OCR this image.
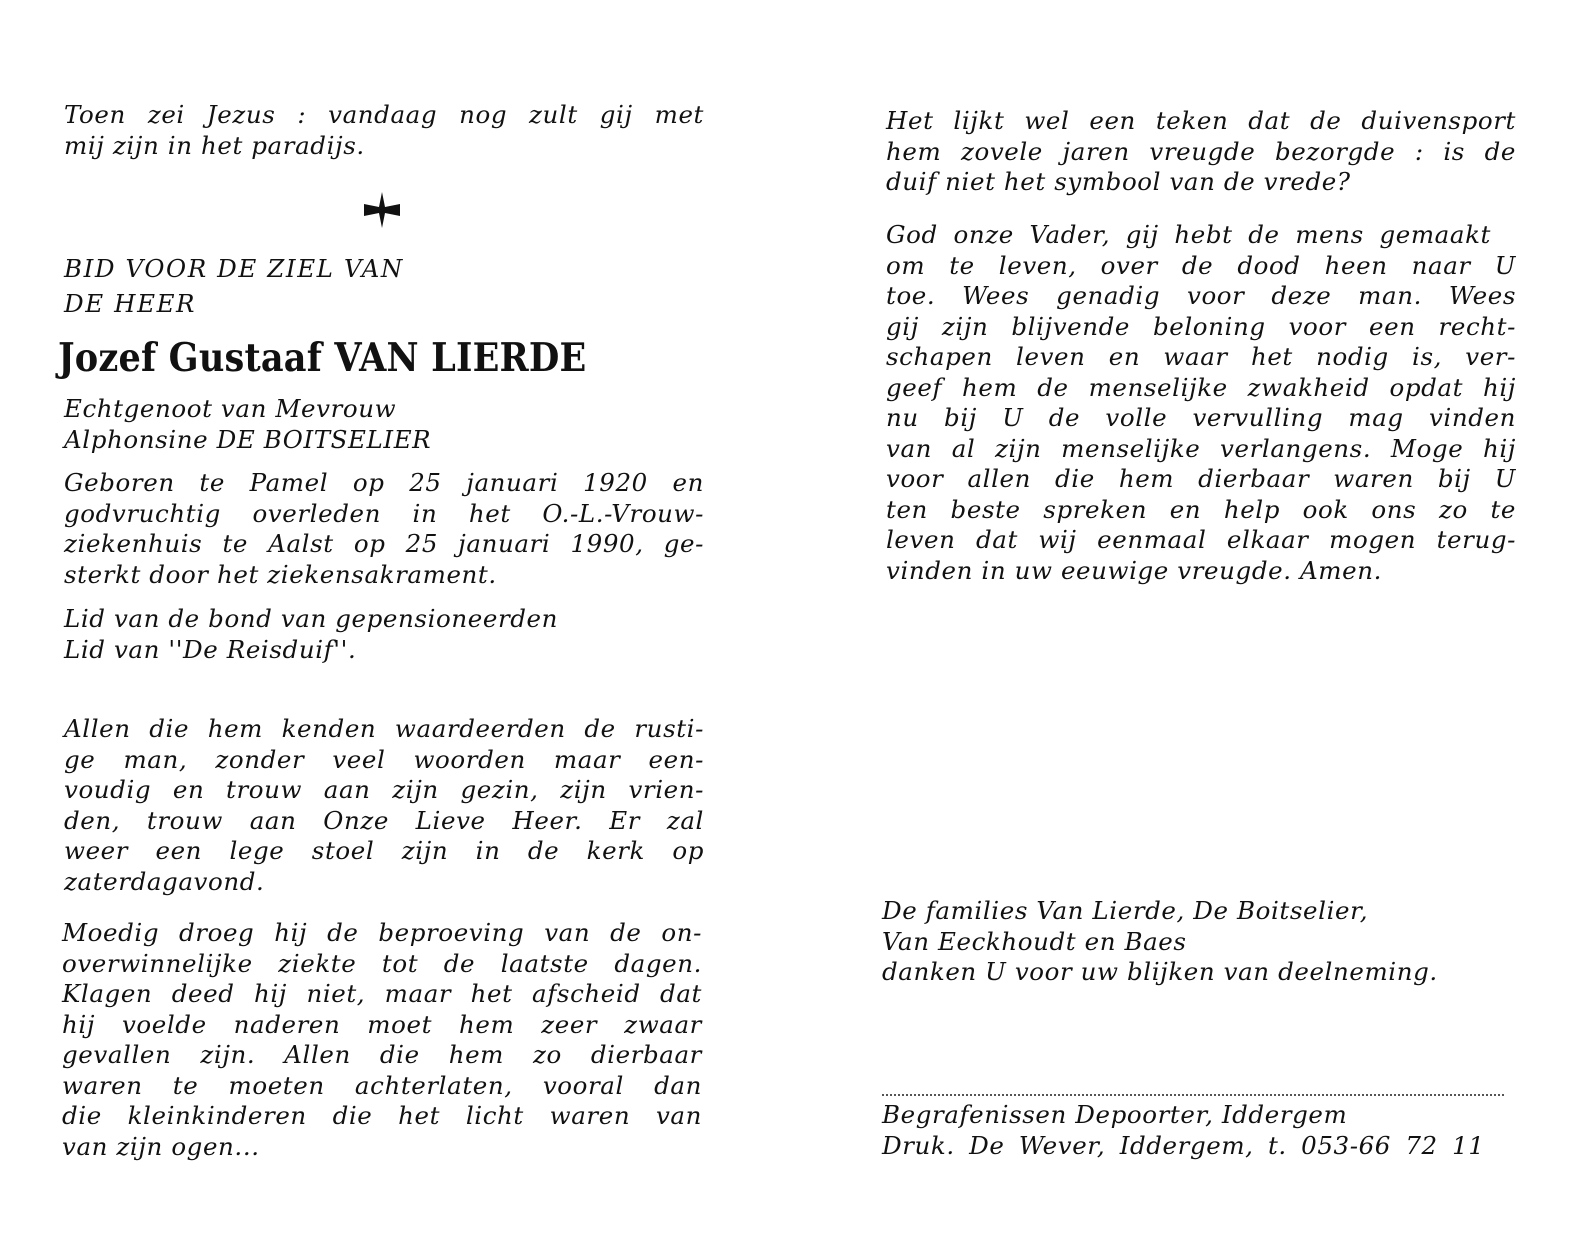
Toen zei Jezus : vandaag nog zult gij met
mij zijn in het paradijs.

BID VOOR DE ZIEL VAN
DE HEER

Jozef Gustaaf VAN LIERDE

Echtgenoot van Mevrouw
Alphonsine DE BOITSELIER

Geboren te Pamel op 25 januari 1920 en
godvruchtig overleden in het O.-L.-Vrouw-
ziekenhuis te Aalst op 25 januari 1990, ge-
sterkt door het ziekensakrament.

Lid van de bond van gepensioneerden
Lid van ''De Reisduif''.

Allen die hem kenden waardeerden de rusti-
ge man, zonder veel woorden maar een-
voudig en trouw aan zijn gezin, zijn vrien-
den, trouw aan Onze Lieve Heer. Er zal
weer een lege stoel zijn in de kerk op
zaterdagavond.

Moedig droeg hij de beproeving van de on-
overwinnelijke ziekte tot de laatste dagen.
Klagen deed hij niet, maar het afscheid dat
hij voelde naderen moet hem zeer zwaar
gevallen zijn. Allen die hem zo dierbaar
waren te moeten achterlaten, vooral dan
die kleinkinderen die het licht waren van
van zijn ogen...

Het lijkt wel een teken dat de duivensport
hem zovele jaren vreugde bezorgde : is de
duif niet het symbool van de vrede?

God onze Vader, gij hebt de mens gemaakt
om te leven, over de dood heen naar U
toe. Wees genadig voor deze man. Wees
gij zijn blijvende beloning voor een recht-
schapen leven en waar het nodig is, ver-
geef hem de menselijke zwakheid opdat hij
nu bij U de volle vervulling mag vinden
van al zijn menselijke verlangens. Moge hij
voor allen die hem dierbaar waren bij U
ten beste spreken en help ook ons zo te
leven dat wij eenmaal elkaar mogen terug-
vinden in uw eeuwige vreugde. Amen.

De families Van Lierde, De Boitselier,
Van Eeckhoudt en Baes
danken U voor uw blijken van deelneming.

Begrafenissen Depoorter, Iddergem
Druk. De Wever, Iddergem, t. 053-66 72 11
